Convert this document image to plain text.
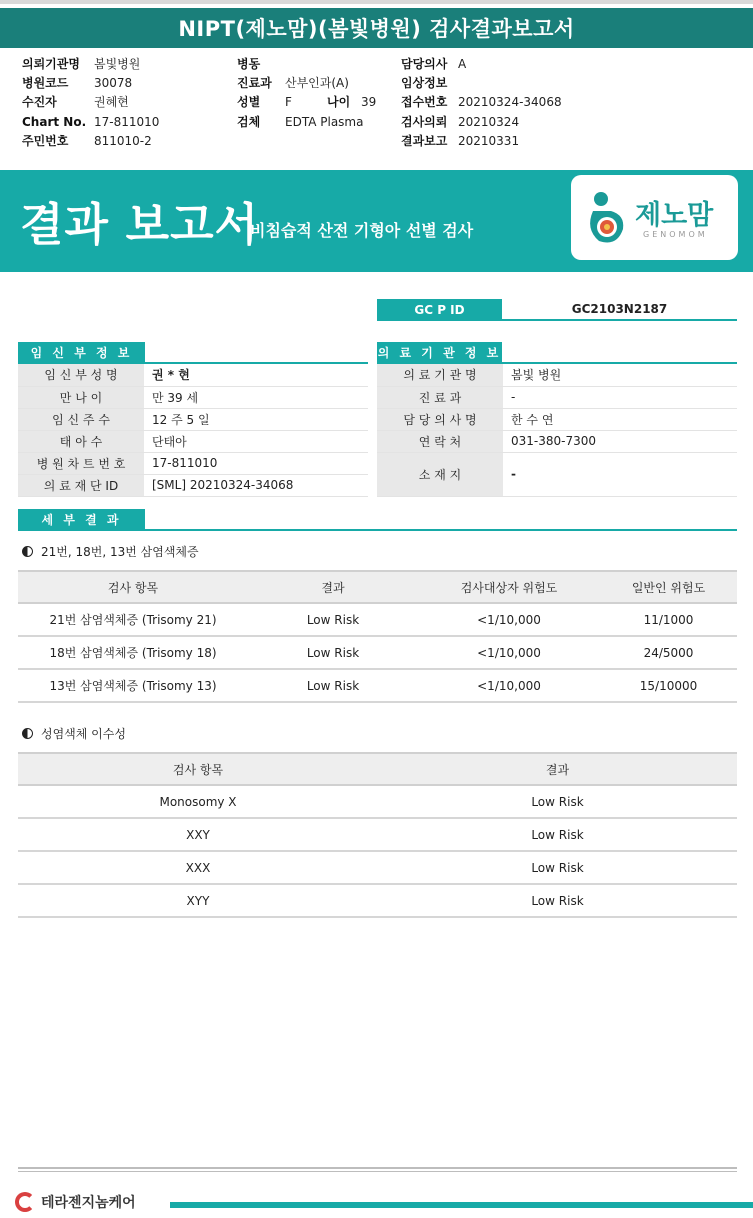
NIPT(제노맘)(봄빛병원) 검사결과보고서
의뢰기관명	봄빛병원
병원코드	30078
수진자	권혜현
Chart No. 17-811010
주민번호	811010-2
병동
진료과	산부인과(A)
성별	F	나이 39
검체	EDTA Plasma
담당의사 A
임상정보
접수번호 20210324-34068
검사의뢰 20210324
결과보고 20210331
결과 보고서
비침습적 산전 기형아 선별 검사	제노맘
GENOMOM
GC P ID	GC2103N2187
임 신 부 정 보
임 신 부 성 명	권 * 현
만 나 이	만 39 세
임 신 주 수	12 주 5 일
태 아 수	단태아
병 원 차 트 번 호	17-811010
의 료 재 단 ID	[SML] 20210324-34068
의 료 기 관 정 보
의 료 기 관 명	봄빛 병원
진 료 과	-
담 당 의 사 명	한 수 연
연 락 처	031-380-7300
소 재 지	-
세 부 결 과
21번, 18번, 13번 삼염색체증
검사 항목	결과	검사대상자 위험도	일반인 위험도
21번 삼염색체증 (Trisomy 21)	Low Risk	<1/10,000	11/1000
18번 삼염색체증 (Trisomy 18)	Low Risk	<1/10,000	24/5000
13번 삼염색체증 (Trisomy 13)	Low Risk	<1/10,000	15/10000
성염색체 이수성
검사 항목	결과
Monosomy X	Low Risk
XXY	Low Risk
XXX	Low Risk
XYY	Low Risk
테라젠지놈케어
